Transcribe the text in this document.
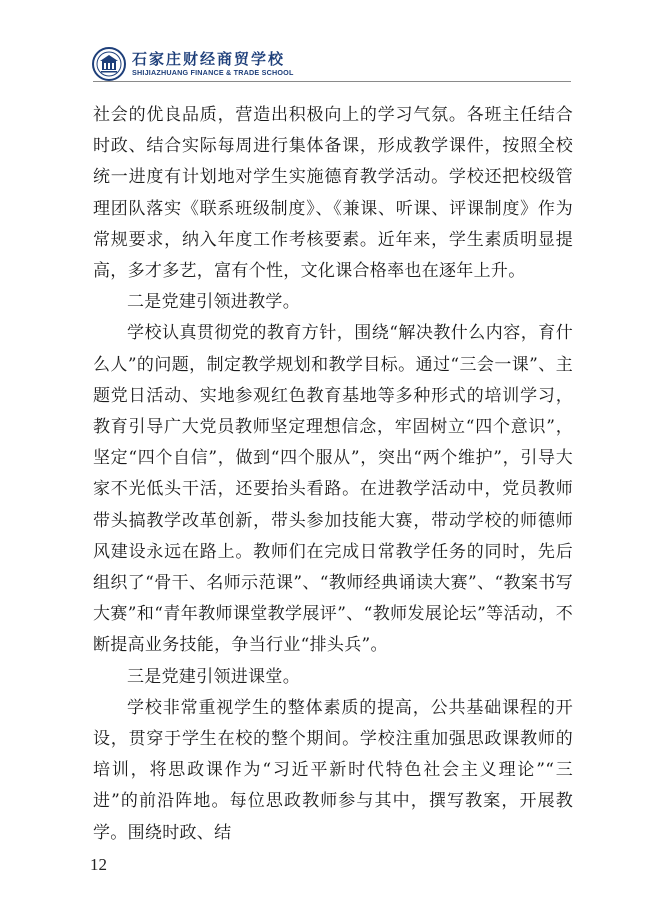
石家庄财经商贸学校
SHIJIAZHUANG FINANCE & TRADE SCHOOL

社会的优良品质，营造出积极向上的学习气氛。各班主任结合时政、结合实际每周进行集体备课，形成教学课件，按照全校统一进度有计划地对学生实施德育教学活动。学校还把校级管理团队落实《联系班级制度》、《兼课、听课、评课制度》作为常规要求，纳入年度工作考核要素。近年来，学生素质明显提高，多才多艺，富有个性，文化课合格率也在逐年上升。

二是党建引领进教学。

学校认真贯彻党的教育方针，围绕“解决教什么内容，育什么人”的问题，制定教学规划和教学目标。通过“三会一课”、主题党日活动、实地参观红色教育基地等多种形式的培训学习，教育引导广大党员教师坚定理想信念，牢固树立“四个意识”，坚定“四个自信”，做到“四个服从”，突出“两个维护”，引导大家不光低头干活，还要抬头看路。在进教学活动中，党员教师带头搞教学改革创新，带头参加技能大赛，带动学校的师德师风建设永远在路上。教师们在完成日常教学任务的同时，先后组织了“骨干、名师示范课”、“教师经典诵读大赛”、“教案书写大赛”和“青年教师课堂教学展评”、“教师发展论坛”等活动，不断提高业务技能，争当行业“排头兵”。

三是党建引领进课堂。

学校非常重视学生的整体素质的提高，公共基础课程的开设，贯穿于学生在校的整个期间。学校注重加强思政课教师的培训，将思政课作为“习近平新时代特色社会主义理论”“三进”的前沿阵地。每位思政教师参与其中，撰写教案，开展教学。围绕时政、结

12
